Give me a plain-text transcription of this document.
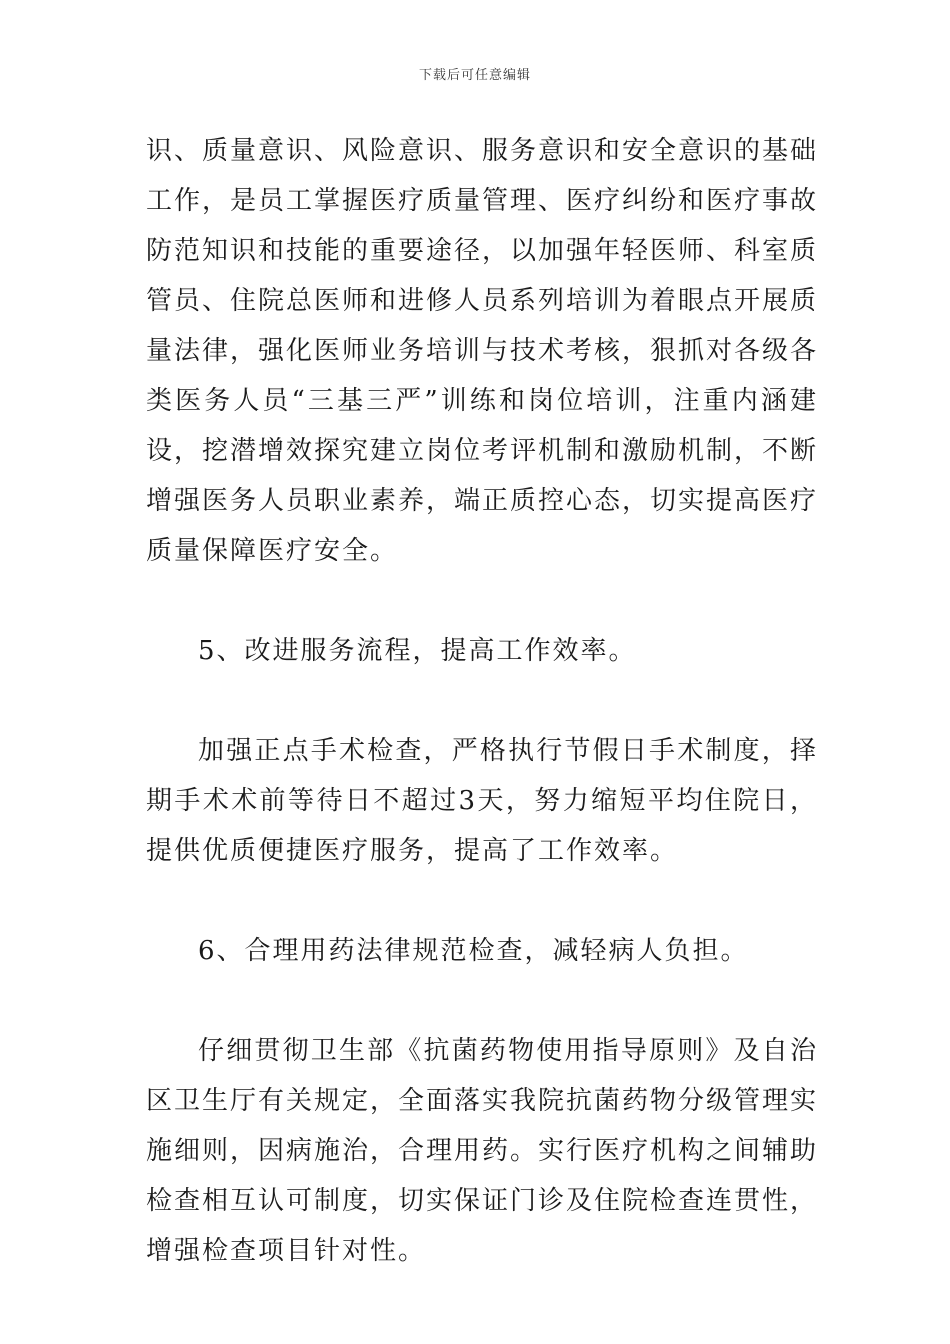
下载后可任意编辑

识、质量意识、风险意识、服务意识和安全意识的基础工作，是员工掌握医疗质量管理、医疗纠纷和医疗事故防范知识和技能的重要途径，以加强年轻医师、科室质管员、住院总医师和进修人员系列培训为着眼点开展质量法律，强化医师业务培训与技术考核，狠抓对各级各类医务人员“三基三严”训练和岗位培训，注重内涵建设，挖潜增效探究建立岗位考评机制和激励机制，不断增强医务人员职业素养，端正质控心态，切实提高医疗质量保障医疗安全。

5、改进服务流程，提高工作效率。

加强正点手术检查，严格执行节假日手术制度，择期手术术前等待日不超过3天，努力缩短平均住院日，提供优质便捷医疗服务，提高了工作效率。

6、合理用药法律规范检查，减轻病人负担。

仔细贯彻卫生部《抗菌药物使用指导原则》及自治区卫生厅有关规定，全面落实我院抗菌药物分级管理实施细则，因病施治，合理用药。实行医疗机构之间辅助检查相互认可制度，切实保证门诊及住院检查连贯性，增强检查项目针对性。
